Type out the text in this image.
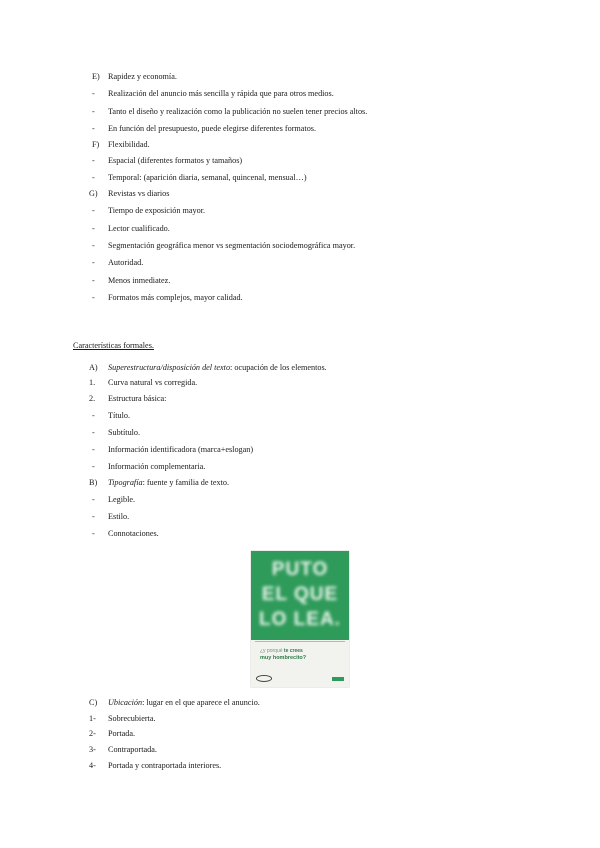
E) Rapidez y economía.
- Realización del anuncio más sencilla y rápida que para otros medios.
- Tanto el diseño y realización como la publicación no suelen tener precios altos.
- En función del presupuesto, puede elegirse diferentes formatos.
F) Flexibilidad.
- Espacial (diferentes formatos y tamaños)
- Temporal: (aparición diaria, semanal, quincenal, mensual…)
G) Revistas vs diarios
- Tiempo de exposición mayor.
- Lector cualificado.
- Segmentación geográfica menor vs segmentación sociodemográfica mayor.
- Autoridad.
- Menos inmediatez.
- Formatos más complejos, mayor calidad.
Características formales.
A) Superestructura/disposición del texto: ocupación de los elementos.
1. Curva natural vs corregida.
2. Estructura básica:
- Título.
- Subtítulo.
- Información identificadora (marca+eslogan)
- Información complementaria.
B) Tipografía: fuente y familia de texto.
- Legible.
- Estilo.
- Connotaciones.
PUTO
EL QUE
LO LEA.
¿y porqué te crees
muy hombrecito?
C) Ubicación: lugar en el que aparece el anuncio.
1- Sobrecubierta.
2- Portada.
3- Contraportada.
4- Portada y contraportada interiores.
